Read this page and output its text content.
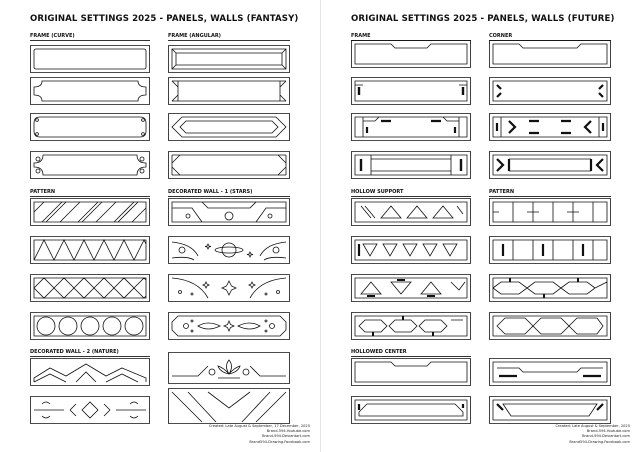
ORIGINAL SETTINGS 2025 - PANELS, WALLS (FANTASY)
FRAME (CURVE)	FRAME (ANGULAR)
PATTERN	DECORATED WALL - 1 (STARS)
DECORATED WALL - 2 (NATURE)
Created: Late August & September, 17 December, 2025
Brand-594.Youtube.com
Brand-594.Deviantart.com
Brand594-Drawing.Facebook.com
ORIGINAL SETTINGS 2025 - PANELS, WALLS (FUTURE)
FRAME	CORNER
HOLLOW SUPPORT	PATTERN
HOLLOWED CENTER
Created: Late August & September, 2025
Brand-594.Youtube.com
Brand-594.Deviantart.com
Brand594-Drawing.Facebook.com
